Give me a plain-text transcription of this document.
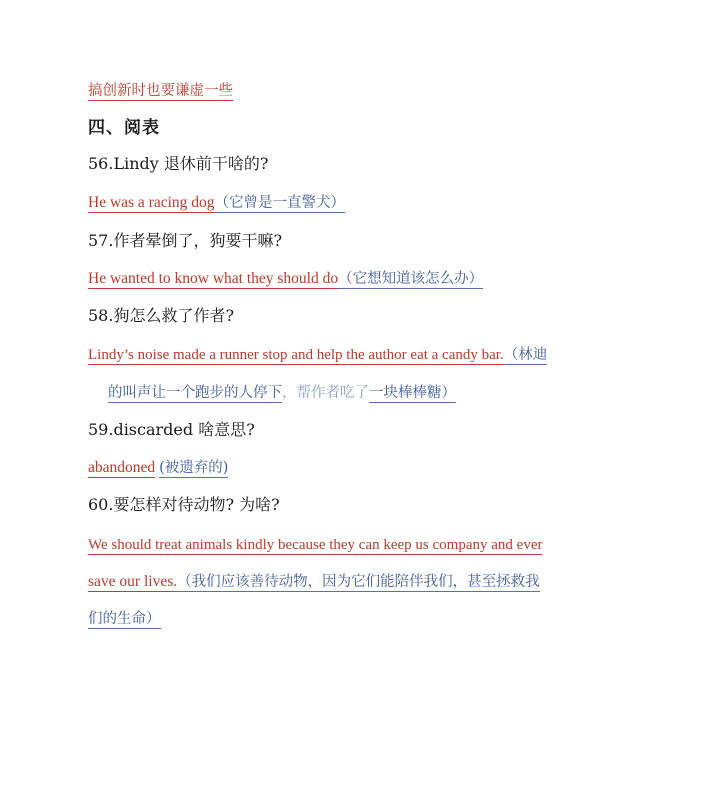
搞创新时也要谦虚一些
四、阅表
56.Lindy 退休前干啥的?
He was a racing dog（它曾是一直警犬）
57.作者晕倒了，狗要干嘛?
He wanted to know what they should do（它想知道该怎么办）
58.狗怎么救了作者?
Lindy’s noise made a runner stop and help the author eat a candy bar.（林迪
的叫声让一个跑步的人停下，帮作者吃了一块棒棒糖）
59.discarded 啥意思?
abandoned (被遗弃的)
60.要怎样对待动物? 为啥?
We should treat animals kindly because they can keep us company and ever
save our lives.（我们应该善待动物，因为它们能陪伴我们，甚至拯救我
们的生命）
